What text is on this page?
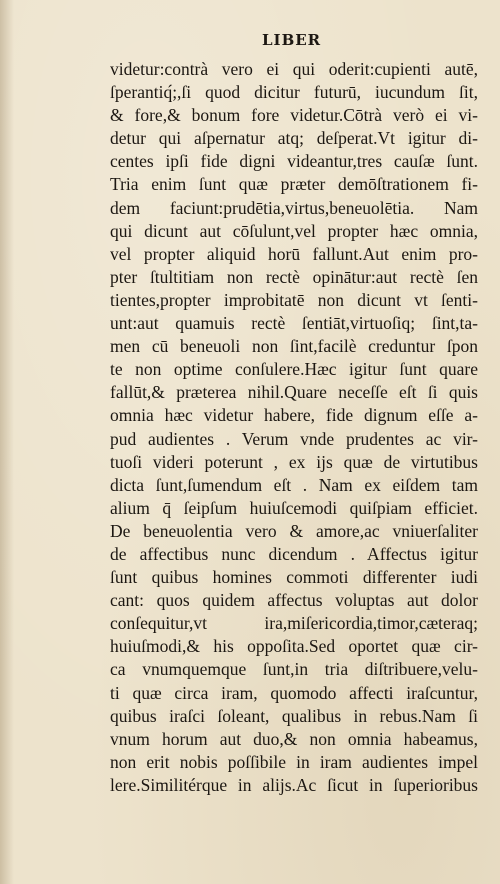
LIBER
videtur:contrà vero ei qui oderit:cupienti autē,
ſperantiq́;,ſi quod dicitur futurū, iucundum ſit,
& fore,& bonum fore videtur.Cōtrà verò ei vi-
detur qui aſpernatur atq; deſperat.Vt igitur di-
centes ipſi fide digni videantur,tres cauſæ ſunt.
Tria enim ſunt quæ præter demōſtrationem fi-
dem faciunt:prudētia,virtus,beneuolētia. Nam
qui dicunt aut cōſulunt,vel propter hæc omnia,
vel propter aliquid horū fallunt.Aut enim pro-
pter ſtultitiam non rectè opinātur:aut rectè ſen
tientes,propter improbitatē non dicunt vt ſenti-
unt:aut quamuis rectè ſentiāt,virtuoſiq; ſint,ta-
men cū beneuoli non ſint,facilè creduntur ſpon
te non optime conſulere.Hæc igitur ſunt quare
fallūt,& præterea nihil.Quare neceſſe eſt ſi quis
omnia hæc videtur habere, fide dignum eſſe a-
pud audientes . Verum vnde prudentes ac vir-
tuoſi videri poterunt , ex ijs quæ de virtutibus
dicta ſunt,ſumendum eſt . Nam ex eiſdem tam
alium q̄ ſeipſum huiuſcemodi quiſpiam efficiet.
De beneuolentia vero & amore,ac vniuerſaliter
de affectibus nunc dicendum . Affectus igitur
ſunt quibus homines commoti differenter iudi
cant: quos quidem affectus voluptas aut dolor
conſequitur,vt ira,miſericordia,timor,cæteraq;
huiuſmodi,& his oppoſita.Sed oportet quæ cir-
ca vnumquemque ſunt,in tria diſtribuere,velu-
ti quæ circa iram, quomodo affecti iraſcuntur,
quibus iraſci ſoleant, qualibus in rebus.Nam ſi
vnum horum aut duo,& non omnia habeamus,
non erit nobis poſſibile in iram audientes impel
lere.Similitérque in alijs.Ac ſicut in ſuperioribus
